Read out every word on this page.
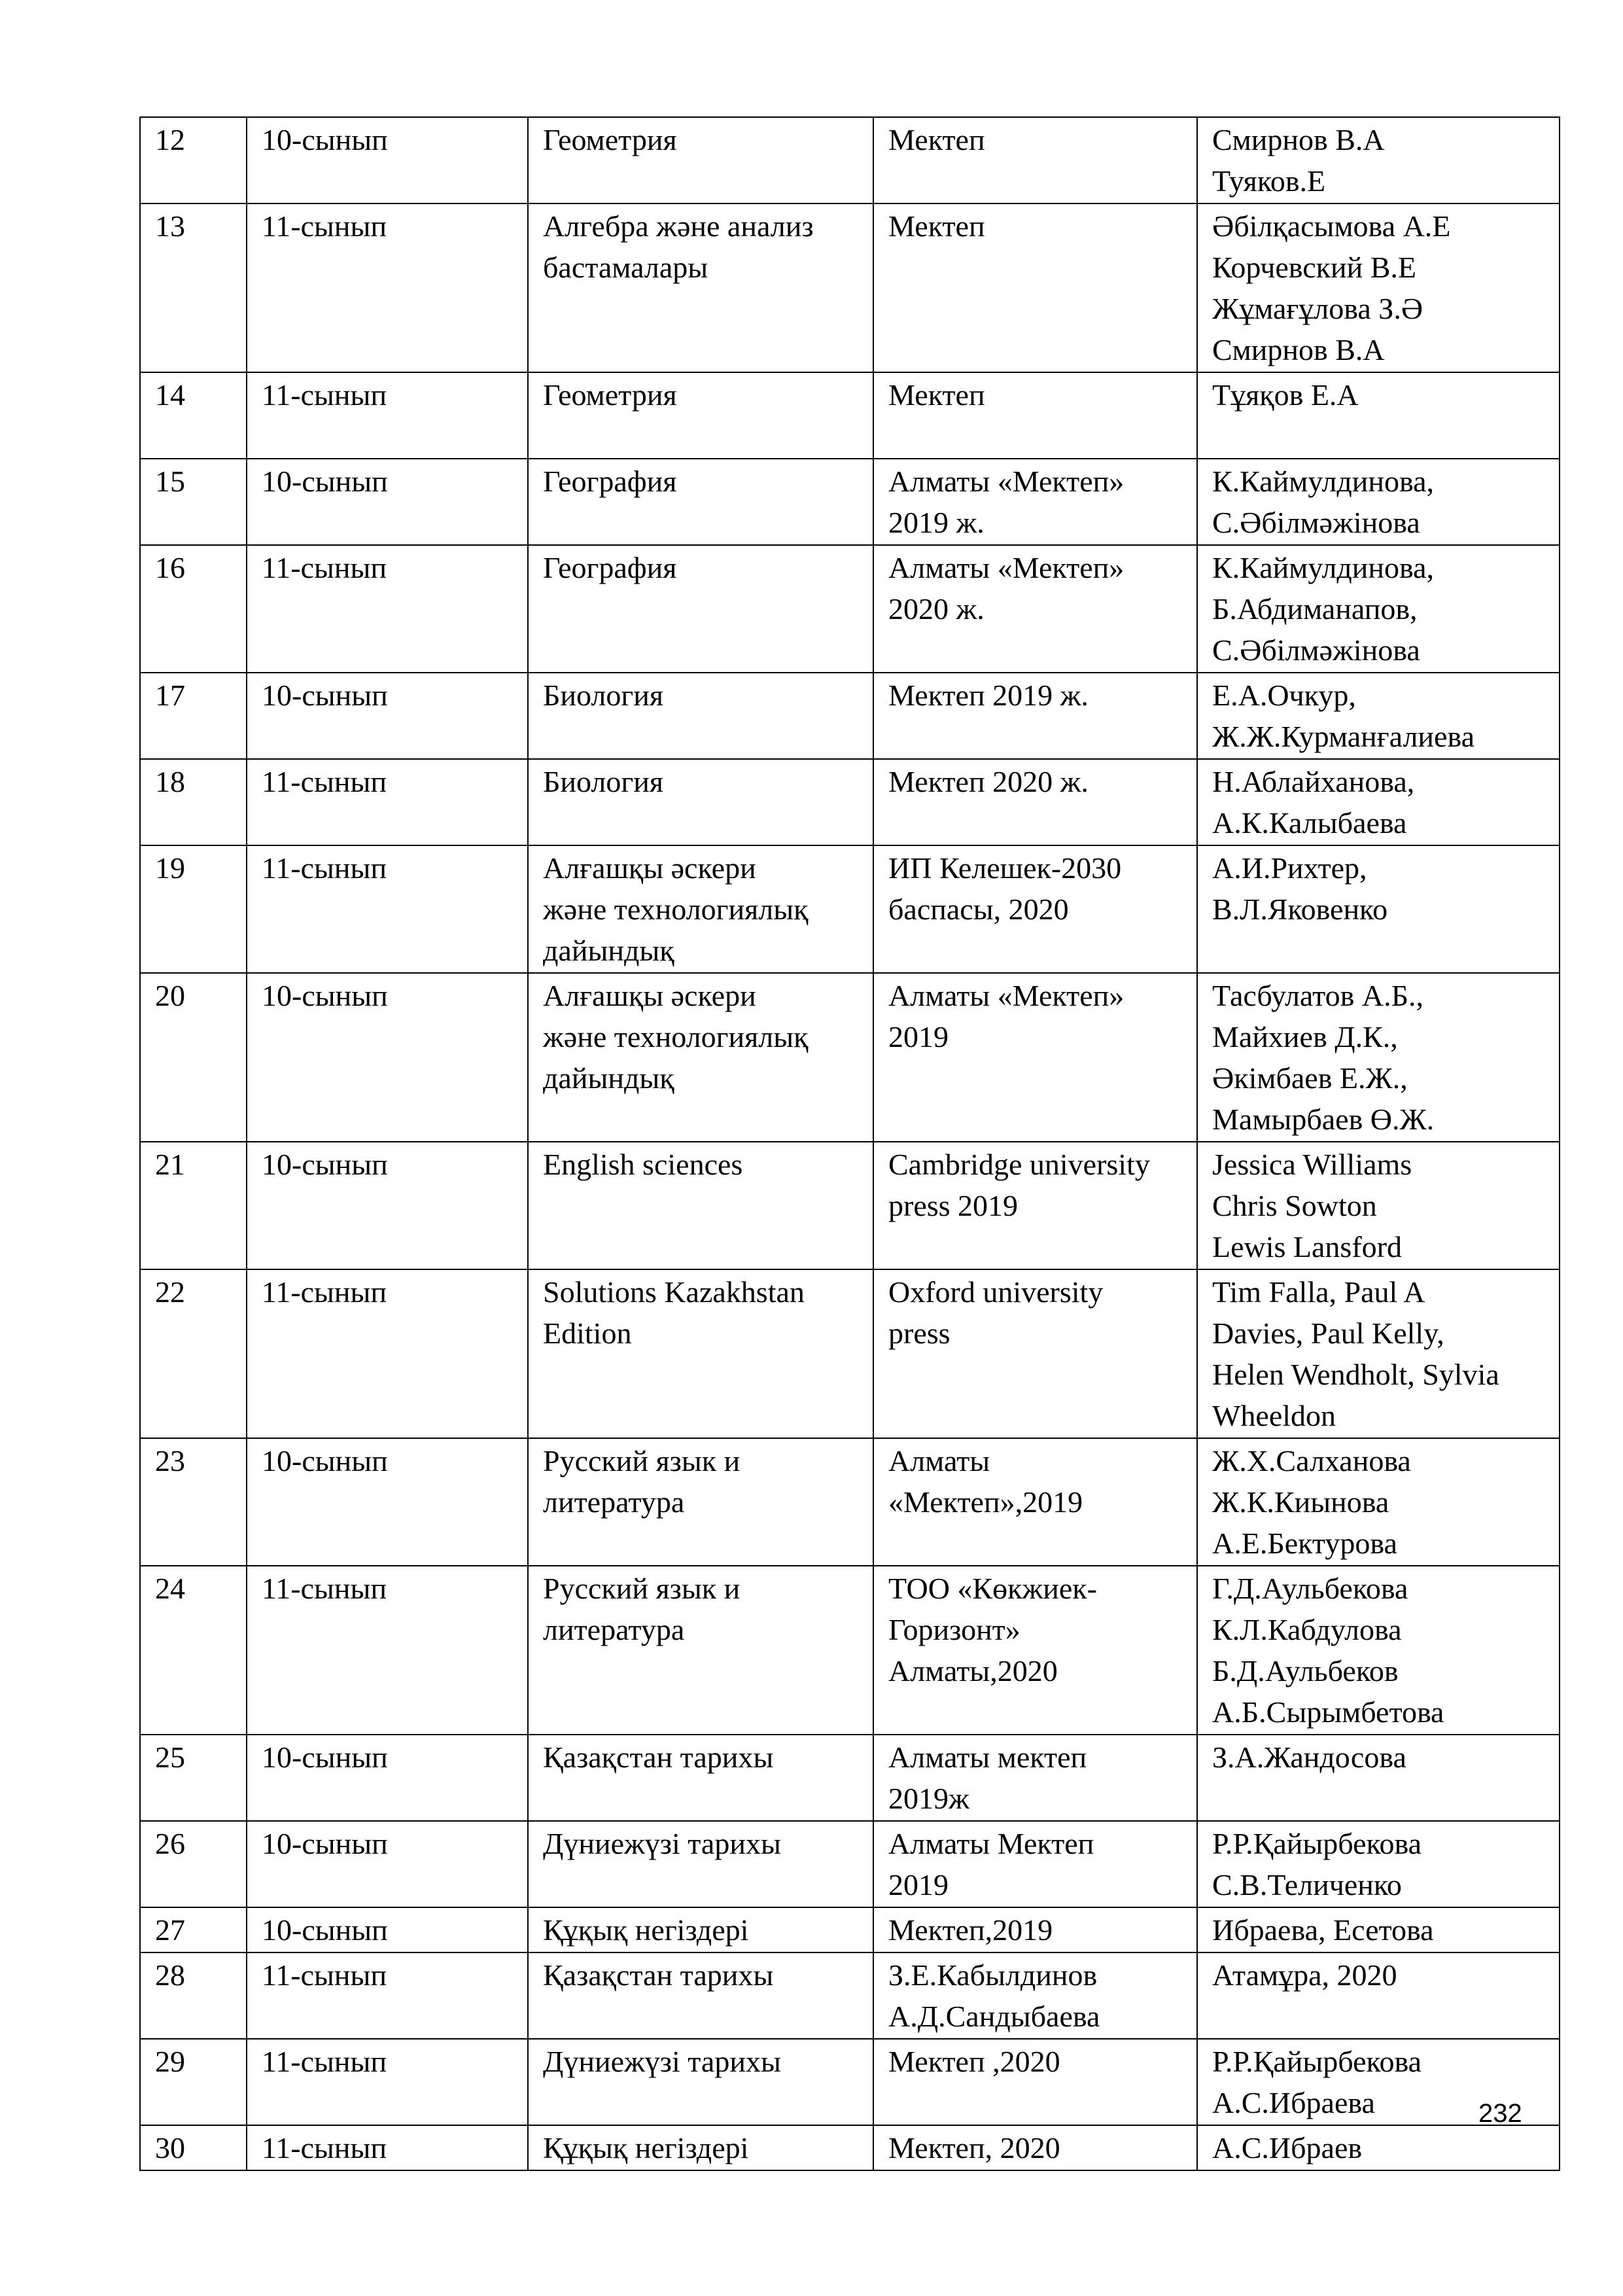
12	10-сынып	Геометрия	Мектеп	Смирнов В.А
Туяков.Е

13	11-сынып	Алгебра және анализ
бастамалары	Мектеп	Әбілқасымова А.Е
Корчевский В.Е
Жұмағұлова З.Ә
Смирнов В.А

14	11-сынып	Геометрия	Мектеп	Тұяқов Е.А

15	10-сынып	География	Алматы «Мектеп»
2019 ж.	К.Каймулдинова,
С.Әбілмәжінова

16	11-сынып	География	Алматы «Мектеп»
2020 ж.	К.Каймулдинова,
Б.Абдиманапов,
С.Әбілмәжінова

17	10-сынып	Биология	Мектеп 2019 ж.	Е.А.Очкур,
Ж.Ж.Курманғалиева

18	11-сынып	Биология	Мектеп 2020 ж.	Н.Аблайханова,
А.К.Калыбаева

19	11-сынып	Алғашқы әскери
және технологиялық
дайындық	ИП Келешек-2030
баспасы, 2020	А.И.Рихтер,
В.Л.Яковенко

20	10-сынып	Алғашқы әскери
және технологиялық
дайындық	Алматы «Мектеп»
2019	Тасбулатов А.Б.,
Майхиев Д.К.,
Әкімбаев Е.Ж.,
Мамырбаев Ө.Ж.

21	10-сынып	English sciences	Cambridge university
press 2019	Jessica Williams
Chris Sowton
Lewis Lansford

22	11-сынып	Solutions Kazakhstan
Edition	Oxford university
press	Tim Falla, Paul A
Davies, Paul Kelly,
Helen Wendholt, Sylvia
Wheeldon

23	10-сынып	Русский язык и
литература	Алматы
«Мектеп»,2019	Ж.Х.Салханова
Ж.К.Киынова
А.Е.Бектурова

24	11-сынып	Русский язык и
литература	ТОО «Көкжиек-
Горизонт»
Алматы,2020	Г.Д.Аульбекова
К.Л.Кабдулова
Б.Д.Аульбеков
А.Б.Сырымбетова

25	10-сынып	Қазақстан тарихы	Алматы мектеп
2019ж	З.А.Жандосова

26	10-сынып	Дүниежүзі тарихы	Алматы Мектеп
2019	Р.Р.Қайырбекова
С.В.Теличенко

27	10-сынып	Құқық негіздері	Мектеп,2019	Ибраева, Есетова

28	11-сынып	Қазақстан тарихы	З.Е.Кабылдинов
А.Д.Сандыбаева	Атамұра, 2020

29	11-сынып	Дүниежүзі тарихы	Мектеп ,2020	Р.Р.Қайырбекова
А.С.Ибраева

30	11-сынып	Құқық негіздері	Мектеп, 2020	А.С.Ибраев
232
